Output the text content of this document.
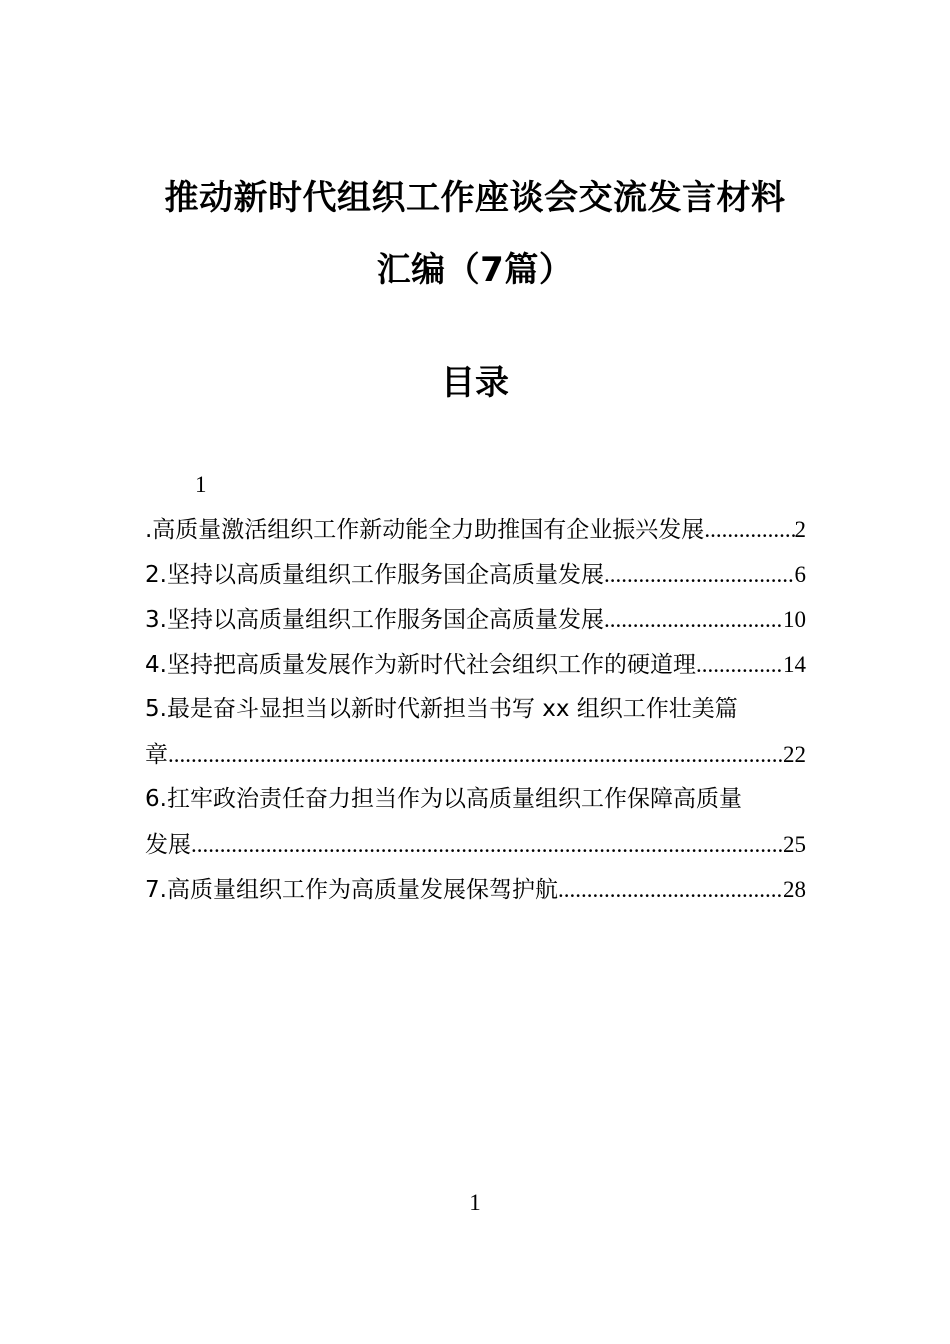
推动新时代组织工作座谈会交流发言材料
汇编（7篇）
目录
1
.高质量激活组织工作新动能全力助推国有企业振兴发展 .....	2
2.坚持以高质量组织工作服务国企高质量发展 .....	6
3.坚持以高质量组织工作服务国企高质量发展 .....	10
4.坚持把高质量发展作为新时代社会组织工作的硬道理 .....	14
5.最是奋斗显担当以新时代新担当书写 xx 组织工作壮美篇
章 .....	22
6.扛牢政治责任奋力担当作为以高质量组织工作保障高质量
发展 .....	25
7.高质量组织工作为高质量发展保驾护航 .....	28
1
